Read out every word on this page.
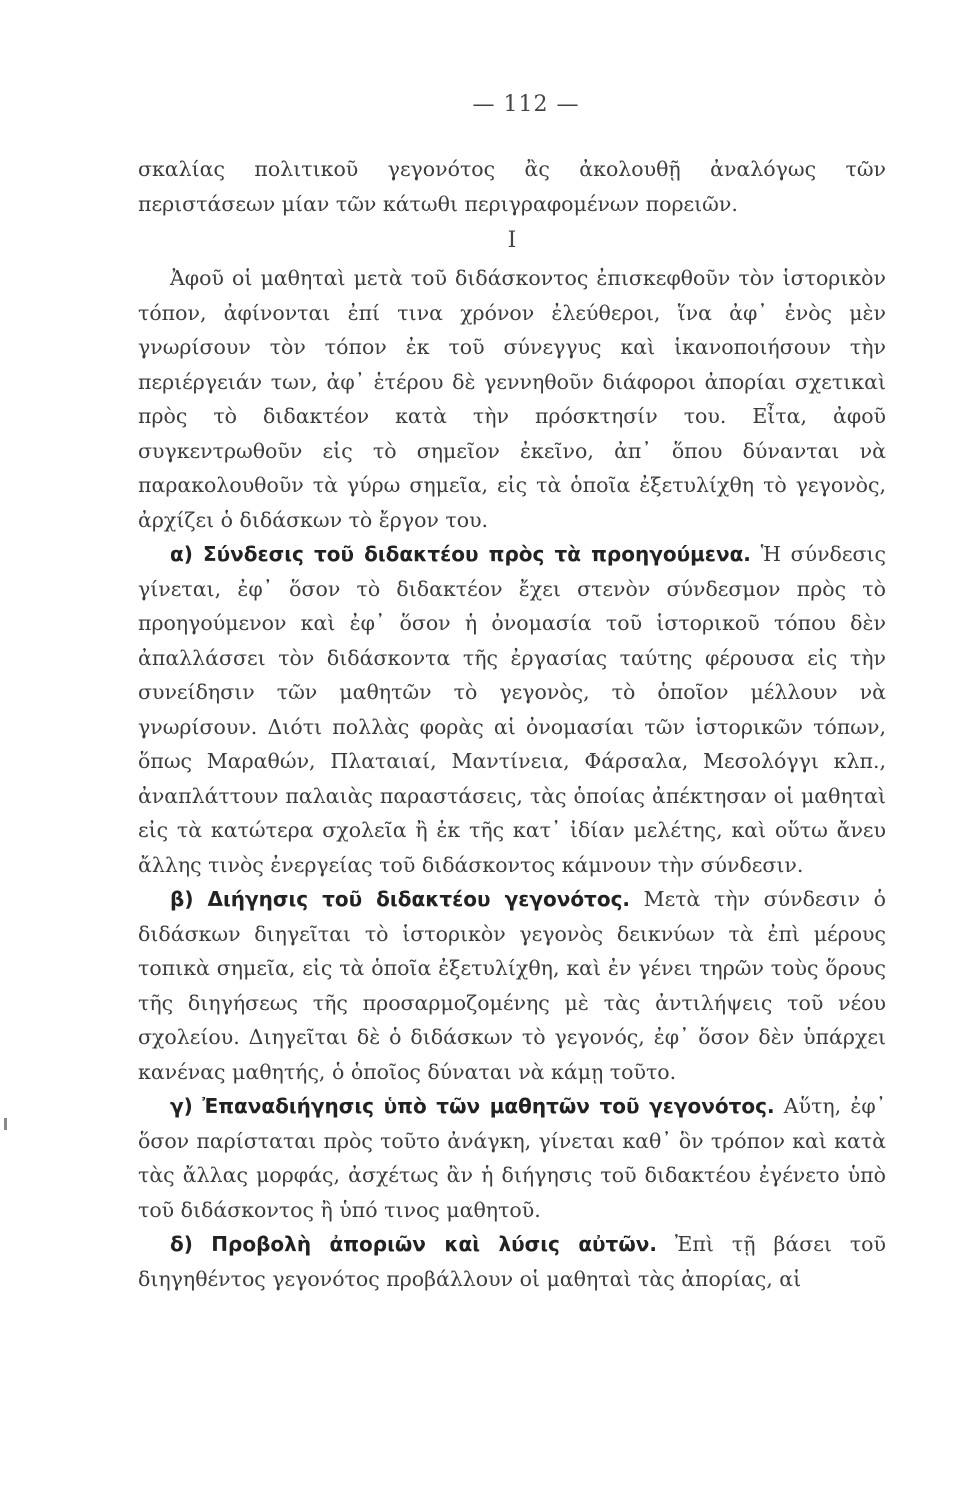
— 112 —

σκαλίας πολιτικοῦ γεγονότος ἂς ἀκολουθῇ ἀναλόγως τῶν περιστάσεων μίαν τῶν κάτωθι περιγραφομένων πορειῶν.

I

Ἀφοῦ οἱ μαθηταὶ μετὰ τοῦ διδάσκοντος ἐπισκεφθοῦν τὸν ἱστορικὸν τόπον, ἀφίνονται ἐπί τινα χρόνον ἐλεύθεροι, ἵνα ἀφ᾽ ἑνὸς μὲν γνωρίσουν τὸν τόπον ἐκ τοῦ σύνεγγυς καὶ ἱκανοποιήσουν τὴν περιέργειάν των, ἀφ᾽ ἑτέρου δὲ γεννηθοῦν διάφοροι ἀπορίαι σχετικαὶ πρὸς τὸ διδακτέον κατὰ τὴν πρόσκτησίν του. Εἶτα, ἀφοῦ συγκεντρωθοῦν εἰς τὸ σημεῖον ἐκεῖνο, ἀπ᾽ ὅπου δύνανται νὰ παρακολουθοῦν τὰ γύρω σημεῖα, εἰς τὰ ὁποῖα ἐξετυλίχθη τὸ γεγονὸς, ἀρχίζει ὁ διδάσκων τὸ ἔργον του.

α) Σύνδεσις τοῦ διδακτέου πρὸς τὰ προηγούμενα. Ἡ σύνδεσις γίνεται, ἐφ᾽ ὅσον τὸ διδακτέον ἔχει στενὸν σύνδεσμον πρὸς τὸ προηγούμενον καὶ ἐφ᾽ ὅσον ἡ ὀνομασία τοῦ ἱστορικοῦ τόπου δὲν ἀπαλλάσσει τὸν διδάσκοντα τῆς ἐργασίας ταύτης φέρουσα εἰς τὴν συνείδησιν τῶν μαθητῶν τὸ γεγονὸς, τὸ ὁποῖον μέλλουν νὰ γνωρίσουν. Διότι πολλὰς φορὰς αἱ ὀνομασίαι τῶν ἱστορικῶν τόπων, ὅπως Μαραθών, Πλαταιαί, Μαντίνεια, Φάρσαλα, Μεσολόγγι κλπ., ἀναπλάττουν παλαιὰς παραστάσεις, τὰς ὁποίας ἀπέκτησαν οἱ μαθηταὶ εἰς τὰ κατώτερα σχολεῖα ἢ ἐκ τῆς κατ᾽ ἰδίαν μελέτης, καὶ οὕτω ἄνευ ἄλλης τινὸς ἐνεργείας τοῦ διδάσκοντος κάμνουν τὴν σύνδεσιν.

β) Διήγησις τοῦ διδακτέου γεγονότος. Μετὰ τὴν σύνδεσιν ὁ διδάσκων διηγεῖται τὸ ἱστορικὸν γεγονὸς δεικνύων τὰ ἐπὶ μέρους τοπικὰ σημεῖα, εἰς τὰ ὁποῖα ἐξετυλίχθη, καὶ ἐν γένει τηρῶν τοὺς ὅρους τῆς διηγήσεως τῆς προσαρμοζομένης μὲ τὰς ἀντιλήψεις τοῦ νέου σχολείου. Διηγεῖται δὲ ὁ διδάσκων τὸ γεγονός, ἐφ᾽ ὅσον δὲν ὑπάρχει κανένας μαθητής, ὁ ὁποῖος δύναται νὰ κάμῃ τοῦτο.

γ) Ἐπαναδιήγησις ὑπὸ τῶν μαθητῶν τοῦ γεγονότος. Αὕτη, ἐφ᾽ ὅσον παρίσταται πρὸς τοῦτο ἀνάγκη, γίνεται καθ᾽ ὃν τρόπον καὶ κατὰ τὰς ἄλλας μορφάς, ἀσχέτως ἂν ἡ διήγησις τοῦ διδακτέου ἐγένετο ὑπὸ τοῦ διδάσκοντος ἢ ὑπό τινος μαθητοῦ.

δ) Προβολὴ ἀποριῶν καὶ λύσις αὐτῶν. Ἐπὶ τῇ βάσει τοῦ διηγηθέντος γεγονότος προβάλλουν οἱ μαθηταὶ τὰς ἀπορίας, αἱ
